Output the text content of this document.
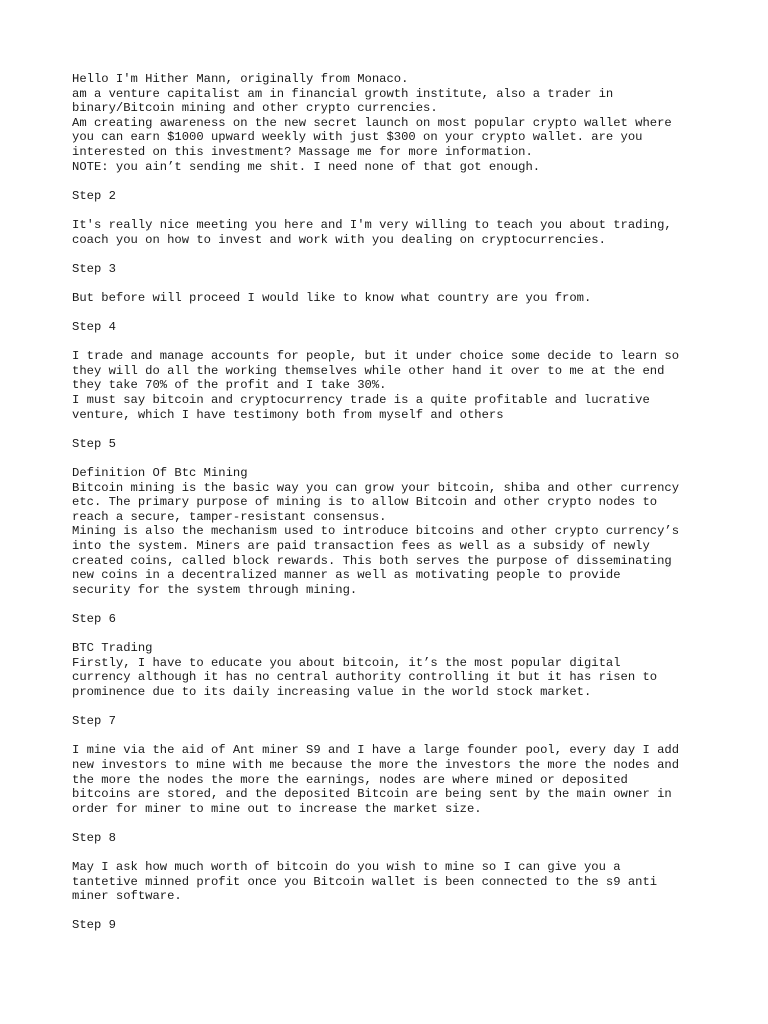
Hello I'm Hither Mann, originally from Monaco.
am a venture capitalist am in financial growth institute, also a trader in
binary/Bitcoin mining and other crypto currencies.
Am creating awareness on the new secret launch on most popular crypto wallet where
you can earn $1000 upward weekly with just $300 on your crypto wallet. are you
interested on this investment? Massage me for more information.
NOTE: you ain’t sending me shit. I need none of that got enough.
Step 2
It's really nice meeting you here and I'm very willing to teach you about trading,
coach you on how to invest and work with you dealing on cryptocurrencies.
Step 3
But before will proceed I would like to know what country are you from.
Step 4
I trade and manage accounts for people, but it under choice some decide to learn so
they will do all the working themselves while other hand it over to me at the end
they take 70% of the profit and I take 30%.
I must say bitcoin and cryptocurrency trade is a quite profitable and lucrative
venture, which I have testimony both from myself and others
Step 5
Definition Of Btc Mining
Bitcoin mining is the basic way you can grow your bitcoin, shiba and other currency
etc. The primary purpose of mining is to allow Bitcoin and other crypto nodes to
reach a secure, tamper-resistant consensus.
Mining is also the mechanism used to introduce bitcoins and other crypto currency’s
into the system. Miners are paid transaction fees as well as a subsidy of newly
created coins, called block rewards. This both serves the purpose of disseminating
new coins in a decentralized manner as well as motivating people to provide
security for the system through mining.
Step 6
BTC Trading
Firstly, I have to educate you about bitcoin, it’s the most popular digital
currency although it has no central authority controlling it but it has risen to
prominence due to its daily increasing value in the world stock market.
Step 7
I mine via the aid of Ant miner S9 and I have a large founder pool, every day I add
new investors to mine with me because the more the investors the more the nodes and
the more the nodes the more the earnings, nodes are where mined or deposited
bitcoins are stored, and the deposited Bitcoin are being sent by the main owner in
order for miner to mine out to increase the market size.
Step 8
May I ask how much worth of bitcoin do you wish to mine so I can give you a
tantetive minned profit once you Bitcoin wallet is been connected to the s9 anti
miner software.
Step 9
